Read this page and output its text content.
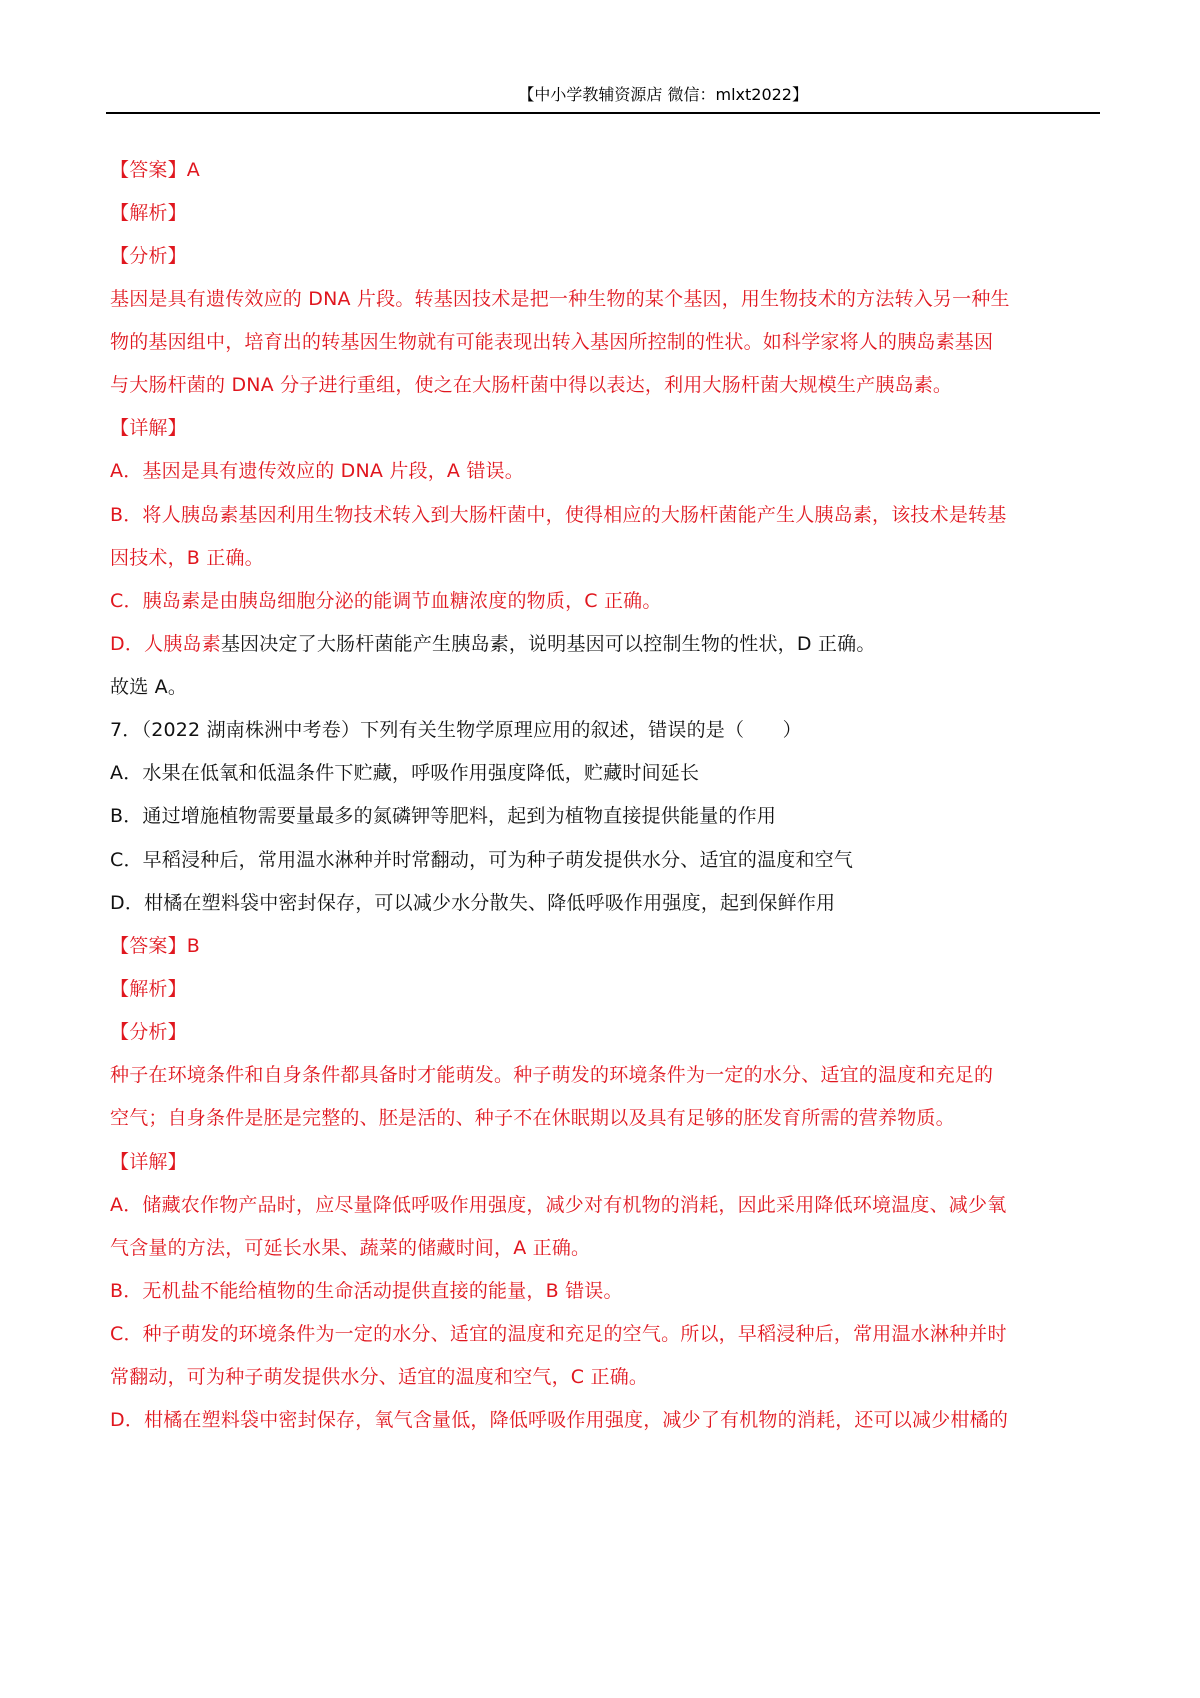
【中小学教辅资源店 微信：mlxt2022】
【答案】A
【解析】
【分析】
基因是具有遗传效应的 DNA 片段。转基因技术是把一种生物的某个基因，用生物技术的方法转入另一种生
物的基因组中，培育出的转基因生物就有可能表现出转入基因所控制的性状。如科学家将人的胰岛素基因
与大肠杆菌的 DNA 分子进行重组，使之在大肠杆菌中得以表达，利用大肠杆菌大规模生产胰岛素。
【详解】
A．基因是具有遗传效应的 DNA 片段，A 错误。
B．将人胰岛素基因利用生物技术转入到大肠杆菌中，使得相应的大肠杆菌能产生人胰岛素，该技术是转基
因技术，B 正确。
C．胰岛素是由胰岛细胞分泌的能调节血糖浓度的物质，C 正确。
D．人胰岛素基因决定了大肠杆菌能产生胰岛素，说明基因可以控制生物的性状，D 正确。
故选 A。
7．（2022 湖南株洲中考卷）下列有关生物学原理应用的叙述，错误的是（　　）
A．水果在低氧和低温条件下贮藏，呼吸作用强度降低，贮藏时间延长
B．通过增施植物需要量最多的氮磷钾等肥料，起到为植物直接提供能量的作用
C．早稻浸种后，常用温水淋种并时常翻动，可为种子萌发提供水分、适宜的温度和空气
D．柑橘在塑料袋中密封保存，可以减少水分散失、降低呼吸作用强度，起到保鲜作用
【答案】B
【解析】
【分析】
种子在环境条件和自身条件都具备时才能萌发。种子萌发的环境条件为一定的水分、适宜的温度和充足的
空气；自身条件是胚是完整的、胚是活的、种子不在休眠期以及具有足够的胚发育所需的营养物质。
【详解】
A．储藏农作物产品时，应尽量降低呼吸作用强度，减少对有机物的消耗，因此采用降低环境温度、减少氧
气含量的方法，可延长水果、蔬菜的储藏时间，A 正确。
B．无机盐不能给植物的生命活动提供直接的能量，B 错误。
C．种子萌发的环境条件为一定的水分、适宜的温度和充足的空气。所以，早稻浸种后，常用温水淋种并时
常翻动，可为种子萌发提供水分、适宜的温度和空气，C 正确。
D．柑橘在塑料袋中密封保存，氧气含量低，降低呼吸作用强度，减少了有机物的消耗，还可以减少柑橘的
